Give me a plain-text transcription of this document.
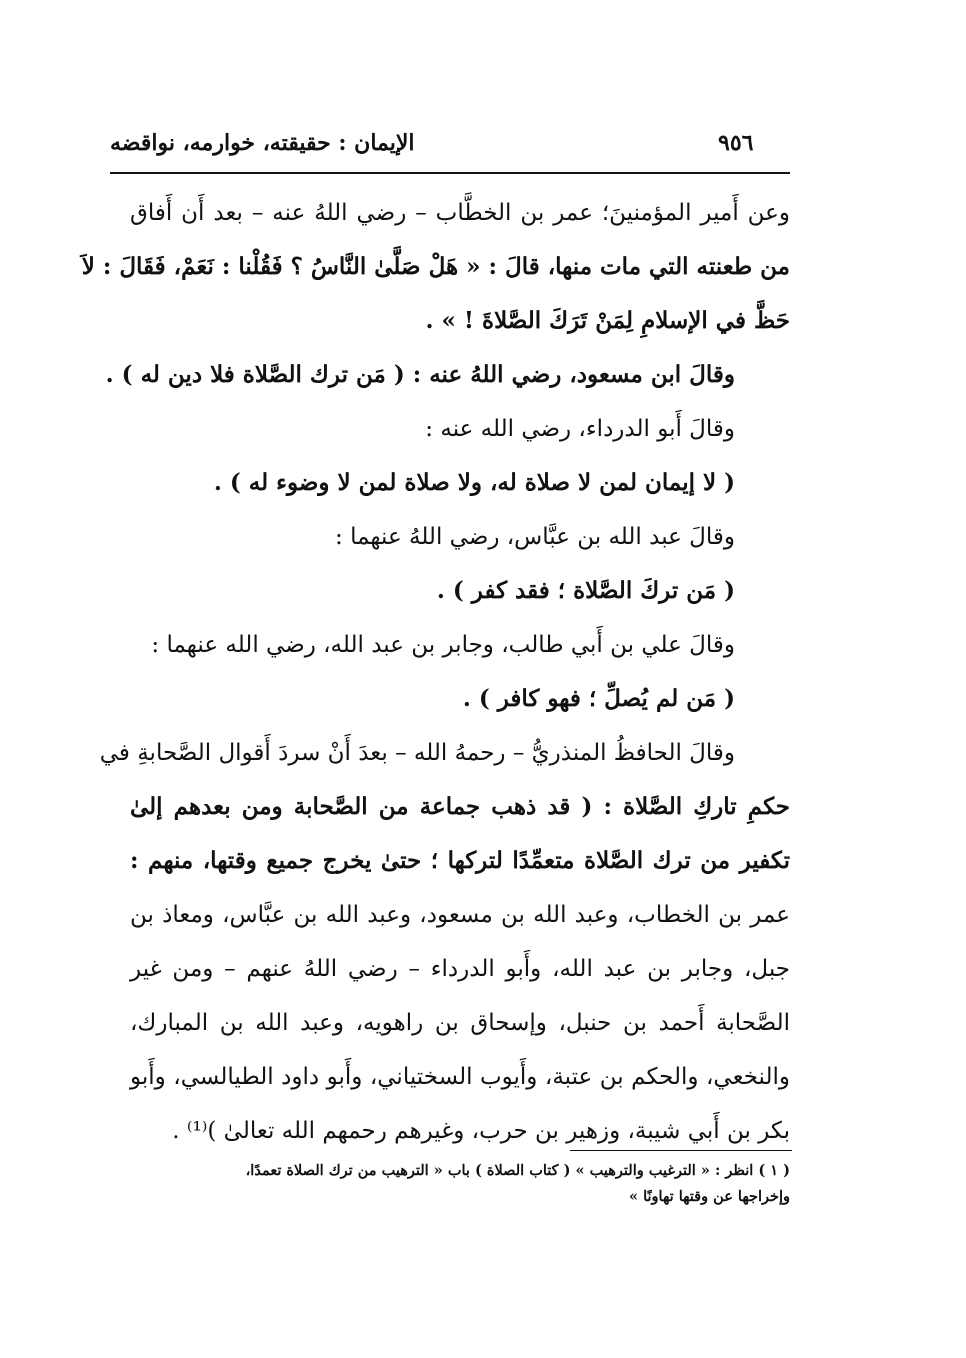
٩٥٦
الإيمان : حقيقته، خوارمه، نواقضه
وعن أَمير المؤمنينَ؛ عمر بن الخطَّاب – رضي اللهُ عنه – بعد أَن أَفاق
من طعنته التي مات منها، قالَ : « هَلْ صَلَّىٰ النَّاسُ ؟ فَقُلْنا : نَعَمْ، فَقَالَ : لاَ
حَظَّ في الإسلامِ لِمَنْ تَرَكَ الصَّلاةَ ! » .
وقالَ ابن مسعود، رضي اللهُ عنه : ( مَن ترك الصَّلاة فلا دين له ) .
وقالَ أَبو الدرداء، رضي الله عنه :
( لا إيمان لمن لا صلاة له، ولا صلاة لمن لا وضوء له ) .
وقالَ عبد الله بن عبَّاس، رضي اللهُ عنهما :
( مَن تركَ الصَّلاة ؛ فقد كفر ) .
وقالَ علي بن أَبي طالب، وجابر بن عبد الله، رضي الله عنهما :
( مَن لم يُصلِّ ؛ فهو كافر ) .
وقالَ الحافظُ المنذريُّ – رحمهُ الله – بعدَ أَنْ سردَ أَقوال الصَّحابةِ في
حكمِ تاركِ الصَّلاة : ( قد ذهب جماعة من الصَّحابة ومن بعدهم إلىٰ
تكفير من ترك الصَّلاة متعمِّدًا لتركها ؛ حتىٰ يخرج جميع وقتها، منهم :
عمر بن الخطاب، وعبد الله بن مسعود، وعبد الله بن عبَّاس، ومعاذ بن
جبل، وجابر بن عبد الله، وأَبو الدرداء – رضي اللهُ عنهم – ومن غير
الصَّحابة أَحمد بن حنبل، وإسحاق بن راهويه، وعبد الله بن المبارك،
والنخعي، والحكم بن عتبة، وأَيوب السختياني، وأَبو داود الطيالسي، وأَبو
بكر بن أَبي شيبة، وزهير بن حرب، وغيرهم رحمهم الله تعالىٰ )⁽¹⁾ .
( ١ ) انظر : « الترغيب والترهيب » ( كتاب الصلاة ) باب « الترهيب من ترك الصلاة تعمدًا،
وإخراجها عن وقتها تهاونًا »
